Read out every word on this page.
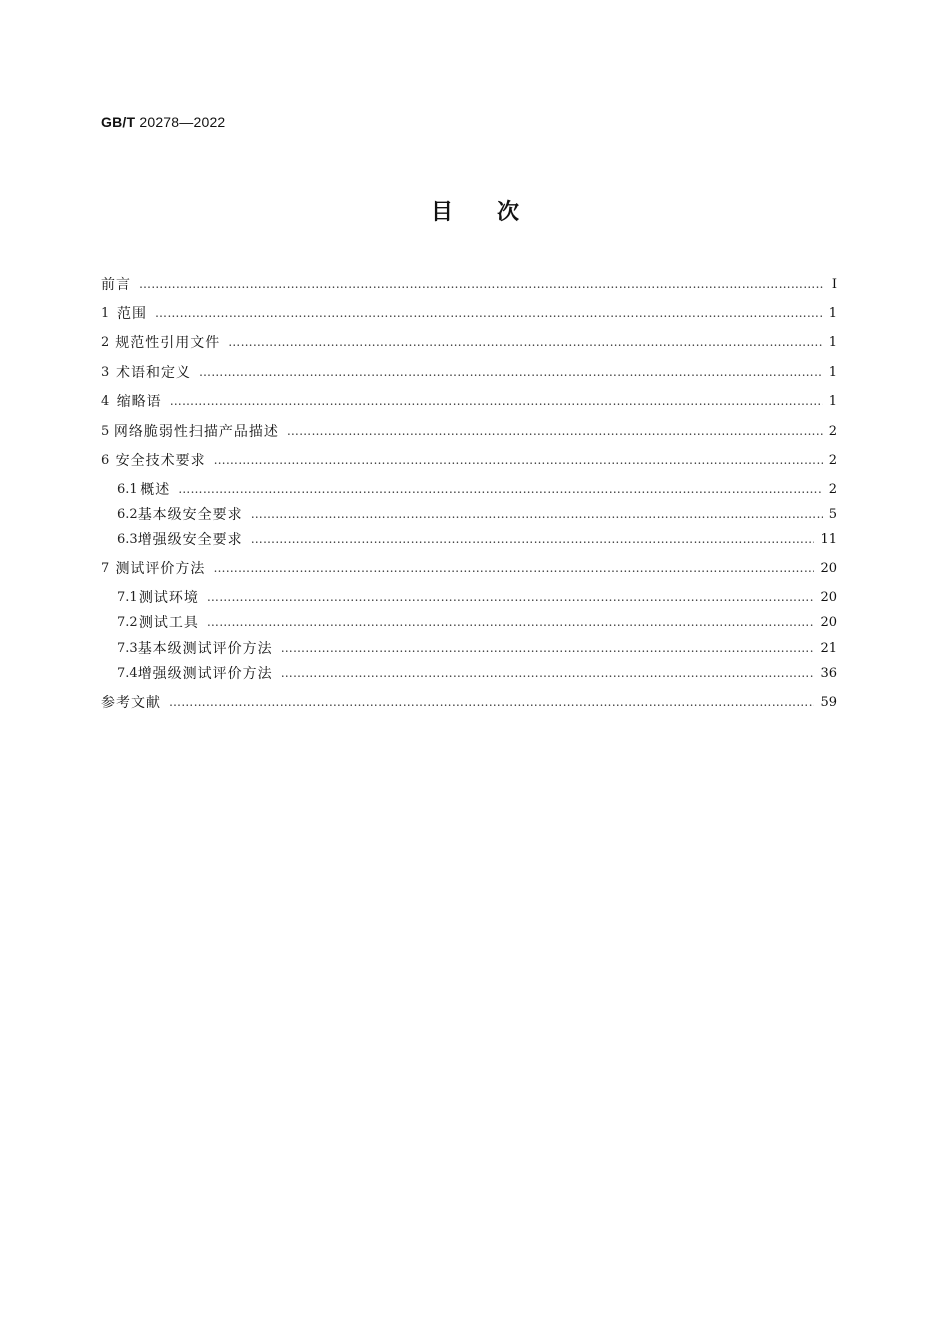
GB/T 20278—2022
目　　次
前言 …………………………………………………………………………………………………………………………………………………………………………………………………………………………………………	Ⅰ
1 范围 …………………………………………………………………………………………………………………………………………………………………………………………………………………………………………	1
2 规范性引用文件 …………………………………………………………………………………………………………………………………………………………………………………………………………………………………………	1
3 术语和定义 …………………………………………………………………………………………………………………………………………………………………………………………………………………………………………	1
4 缩略语 …………………………………………………………………………………………………………………………………………………………………………………………………………………………………………	1
5 网络脆弱性扫描产品描述 …………………………………………………………………………………………………………………………………………………………………………………………………………………………………………	2
6 安全技术要求 …………………………………………………………………………………………………………………………………………………………………………………………………………………………………………	2
6.1 概述 …………………………………………………………………………………………………………………………………………………………………………………………………………………………………………	2
6.2 基本级安全要求 …………………………………………………………………………………………………………………………………………………………………………………………………………………………………………	5
6.3 增强级安全要求 …………………………………………………………………………………………………………………………………………………………………………………………………………………………………………	11
7 测试评价方法 …………………………………………………………………………………………………………………………………………………………………………………………………………………………………………	20
7.1 测试环境 …………………………………………………………………………………………………………………………………………………………………………………………………………………………………………	20
7.2 测试工具 …………………………………………………………………………………………………………………………………………………………………………………………………………………………………………	20
7.3 基本级测试评价方法 …………………………………………………………………………………………………………………………………………………………………………………………………………………………………………	21
7.4 增强级测试评价方法 …………………………………………………………………………………………………………………………………………………………………………………………………………………………………………	36
参考文献 …………………………………………………………………………………………………………………………………………………………………………………………………………………………………………	59
